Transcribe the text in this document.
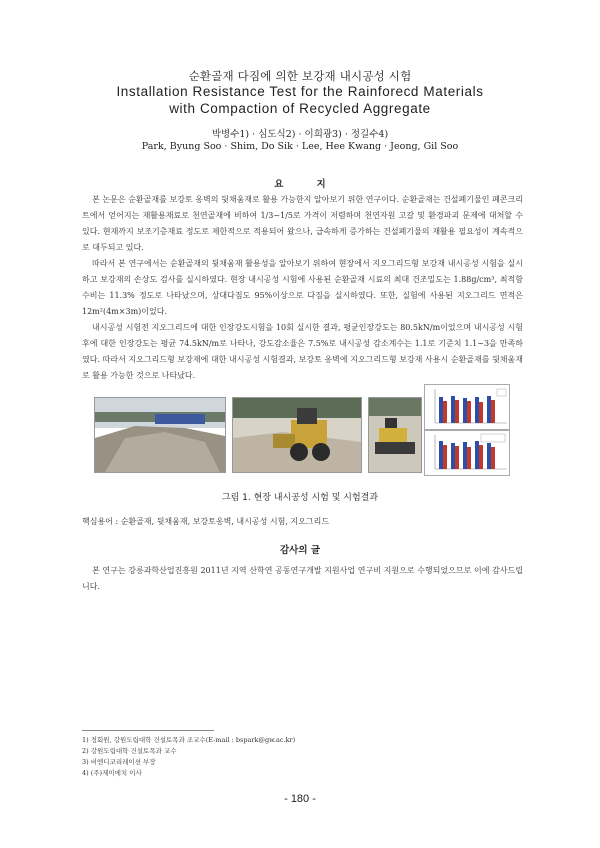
순환골재 다짐에 의한 보강재 내시공성 시험
Installation Resistance Test for the Rainforecd Materials
with Compaction of Recycled Aggregate
박병수1) · 심도식2) · 이희광3) · 정길수4)
Park, Byung Soo · Shim, Do Sik · Lee, Hee Kwang · Jeong, Gil Soo
요          지

본 논문은 순환골재를 보강토 옹벽의 뒷채움재로 활용 가능한지 알아보기 위한 연구이다. 순환골재는 건설폐기물인 폐콘크리트에서 얻어지는 재활용재료로 천연골재에 비하여 1/3~1/5로 가격이 저렴하며 천연자원 고갈 및 환경파괴 문제에 대처할 수 있다. 현재까지 보조기층재료 정도로 제한적으로 적용되어 왔으나, 급속하게 증가하는 건설폐기물의 재활용 필요성이 계속적으로 대두되고 있다.

따라서 본 연구에서는 순환골재의 뒷채움재 활용성을 알아보기 위하여 현장에서 지오그리드형 보강재 내시공성 시험을 실시하고 보강재의 손상도 검사를 실시하였다. 현장 내시공성 시험에 사용된 순환골재 시료의 최대 건조밀도는 1.88g/cm³, 최적함수비는 11.3% 정도로 나타났으며, 상대다짐도 95%이상으로 다짐을 실시하였다. 또한, 실험에 사용된 지오그리드 면적은 12m²(4m×3m)이었다.

내시공성 시험전 지오그리드에 대한 인장강도시험을 10회 실시한 결과, 평균인장강도는 80.5kN/m이었으며 내시공성 시험후에 대한 인장강도는 평균 74.5kN/m로 나타나, 강도감소율은 7.5%로 내시공성 감소계수는 1.1로 기준치 1.1~3을 만족하였다. 따라서 지오그리드형 보강재에 대한 내시공성 시험결과, 보강토 옹벽에 지오그리드형 보강재 사용시 순환골재를 뒷채움재로 활용 가능한 것으로 나타났다.

그림 1. 현장 내시공성 시험 및 시험결과
핵심용어 : 순환골재, 뒷채움재, 보강토옹벽, 내시공성 시험, 지오그리드
감사의 글

본 연구는 강릉과학산업진흥원 2011년 지역 산학연 공동연구개발 지원사업 연구비 지원으로 수행되었으므로 이에 감사드립니다.

1) 정회원, 강원도립대학 건설토목과 조교수(E-mail : bspark@gw.ac.kr)
2) 강원도립대학 건설토목과 교수
3) 비엔디코리레이션 부장
4) (주)제이에치 이사
- 180 -
